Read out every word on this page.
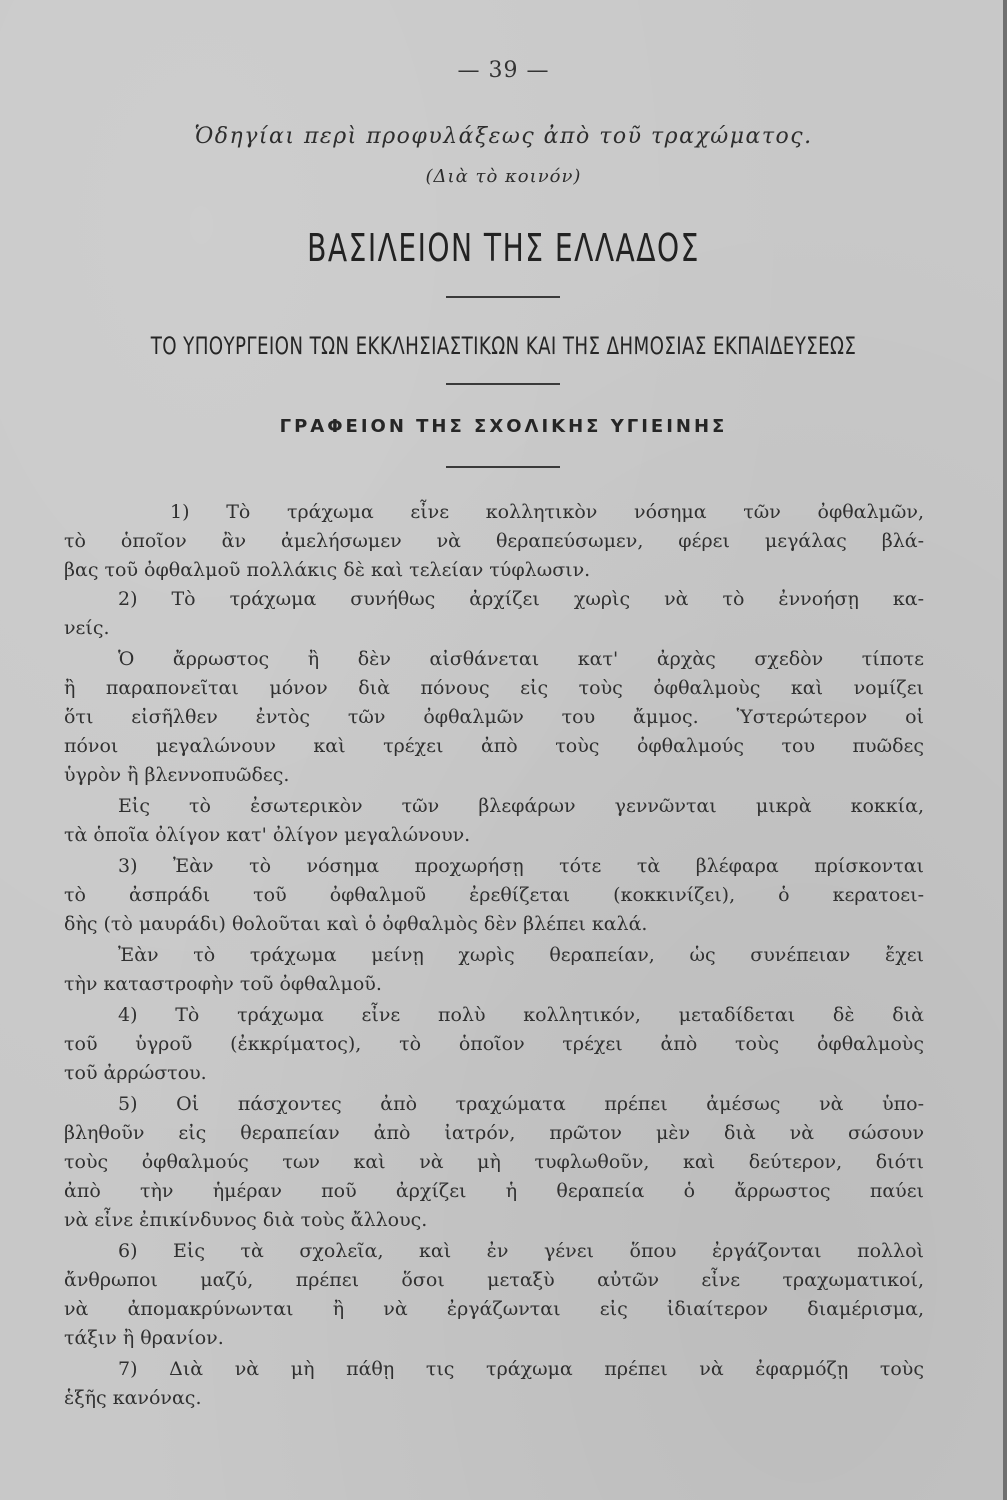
— 39 —
Ὁδηγίαι περὶ προφυλάξεως ἀπὸ τοῦ τραχώματος.
(Διὰ τὸ κοινόν)
ΒΑΣΙΛΕΙΟΝ ΤΗΣ ΕΛΛΑΔΟΣ
ΤΟ ΥΠΟΥΡΓΕΙΟΝ ΤΩΝ ΕΚΚΛΗΣΙΑΣΤΙΚΩΝ ΚΑΙ ΤΗΣ ΔΗΜΟΣΙΑΣ ΕΚΠΑΙΔΕΥΣΕΩΣ
ΓΡΑΦΕΙΟΝ ΤΗΣ ΣΧΟΛΙΚΗΣ ΥΓΙΕΙΝΗΣ
1) Τὸ τράχωμα εἶνε κολλητικὸν νόσημα τῶν ὀφθαλμῶν,
τὸ ὁποῖον ἂν ἀμελήσωμεν νὰ θεραπεύσωμεν, φέρει μεγάλας βλά-
βας τοῦ ὀφθαλμοῦ πολλάκις δὲ καὶ τελείαν τύφλωσιν.
2) Τὸ τράχωμα συνήθως ἀρχίζει χωρὶς νὰ τὸ ἐννοήσῃ κα-
νείς.
Ὁ ἄρρωστος ἢ δὲν αἰσθάνεται κατ' ἀρχὰς σχεδὸν τίποτε
ἢ παραπονεῖται μόνον διὰ πόνους εἰς τοὺς ὀφθαλμοὺς καὶ νομίζει
ὅτι εἰσῆλθεν ἐντὸς τῶν ὀφθαλμῶν του ἄμμος. Ὑστερώτερον οἱ
πόνοι μεγαλώνουν καὶ τρέχει ἀπὸ τοὺς ὀφθαλμούς του πυῶδες
ὑγρὸν ἢ βλεννοπυῶδες.
Εἰς τὸ ἐσωτερικὸν τῶν βλεφάρων γεννῶνται μικρὰ κοκκία,
τὰ ὁποῖα ὀλίγον κατ' ὀλίγον μεγαλώνουν.
3) Ἐὰν τὸ νόσημα προχωρήσῃ τότε τὰ βλέφαρα πρίσκονται
τὸ ἀσπράδι τοῦ ὀφθαλμοῦ ἐρεθίζεται (κοκκινίζει), ὁ κερατοει-
δὴς (τὸ μαυράδι) θολοῦται καὶ ὁ ὀφθαλμὸς δὲν βλέπει καλά.
Ἐὰν τὸ τράχωμα μείνῃ χωρὶς θεραπείαν, ὡς συνέπειαν ἔχει
τὴν καταστροφὴν τοῦ ὀφθαλμοῦ.
4) Τὸ τράχωμα εἶνε πολὺ κολλητικόν, μεταδίδεται δὲ διὰ
τοῦ ὑγροῦ (ἐκκρίματος), τὸ ὁποῖον τρέχει ἀπὸ τοὺς ὀφθαλμοὺς
τοῦ ἀρρώστου.
5) Οἱ πάσχοντες ἀπὸ τραχώματα πρέπει ἀμέσως νὰ ὑπο-
βληθοῦν εἰς θεραπείαν ἀπὸ ἰατρόν, πρῶτον μὲν διὰ νὰ σώσουν
τοὺς ὀφθαλμούς των καὶ νὰ μὴ τυφλωθοῦν, καὶ δεύτερον, διότι
ἀπὸ τὴν ἡμέραν ποῦ ἀρχίζει ἡ θεραπεία ὁ ἄρρωστος παύει
νὰ εἶνε ἐπικίνδυνος διὰ τοὺς ἄλλους.
6) Εἰς τὰ σχολεῖα, καὶ ἐν γένει ὅπου ἐργάζονται πολλοὶ
ἄνθρωποι μαζύ, πρέπει ὅσοι μεταξὺ αὐτῶν εἶνε τραχωματικοί,
νὰ ἀπομακρύνωνται ἢ νὰ ἐργάζωνται εἰς ἰδιαίτερον διαμέρισμα,
τάξιν ἢ θρανίον.
7) Διὰ νὰ μὴ πάθῃ τις τράχωμα πρέπει νὰ ἐφαρμόζῃ τοὺς
ἑξῆς κανόνας.
